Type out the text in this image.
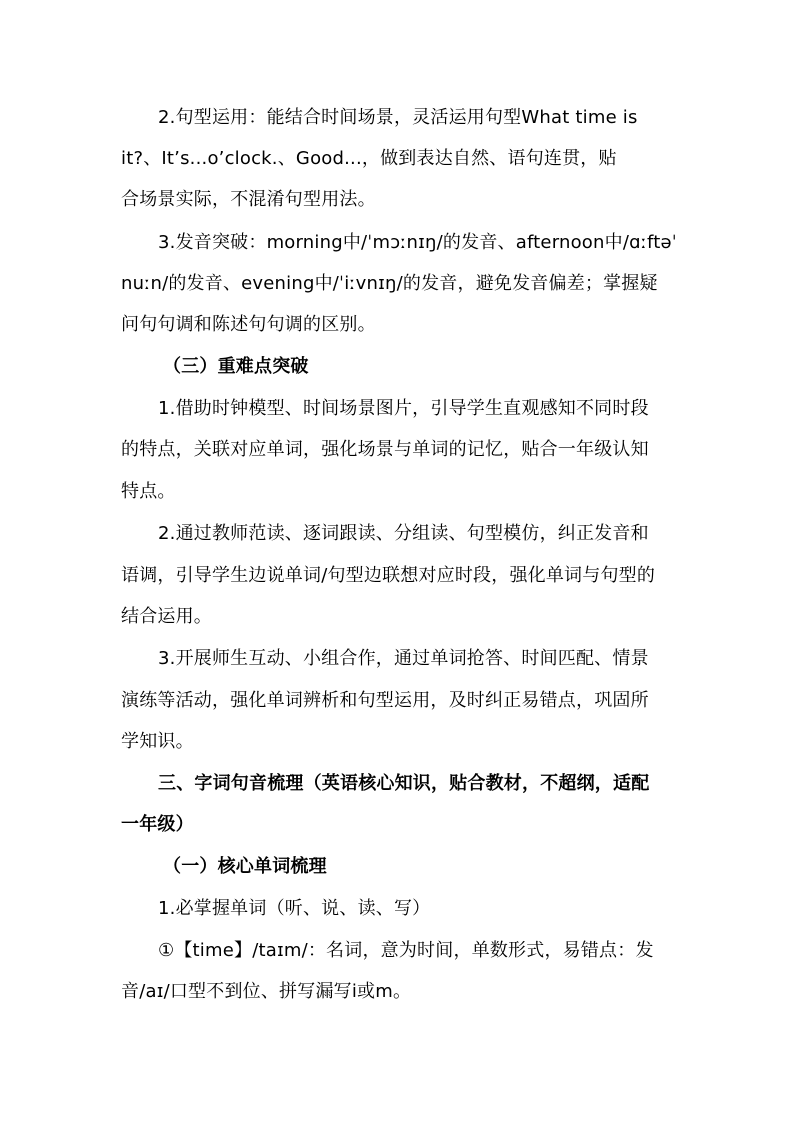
2.句型运用：能结合时间场景，灵活运用句型What time is
it?、It’s...o’clock.、Good...，做到表达自然、语句连贯，贴
合场景实际，不混淆句型用法。
3.发音突破：morning中/ˈmɔːnɪŋ/的发音、afternoon中/ɑːftəˈ
nuːn/的发音、evening中/ˈiːvnɪŋ/的发音，避免发音偏差；掌握疑
问句句调和陈述句句调的区别。
（三）重难点突破
1.借助时钟模型、时间场景图片，引导学生直观感知不同时段
的特点，关联对应单词，强化场景与单词的记忆，贴合一年级认知
特点。
2.通过教师范读、逐词跟读、分组读、句型模仿，纠正发音和
语调，引导学生边说单词/句型边联想对应时段，强化单词与句型的
结合运用。
3.开展师生互动、小组合作，通过单词抢答、时间匹配、情景
演练等活动，强化单词辨析和句型运用，及时纠正易错点，巩固所
学知识。
三、字词句音梳理（英语核心知识，贴合教材，不超纲，适配
一年级）
（一）核心单词梳理
1.必掌握单词（听、说、读、写）
①【time】/taɪm/：名词，意为时间，单数形式，易错点：发
音/aɪ/口型不到位、拼写漏写i或m。
